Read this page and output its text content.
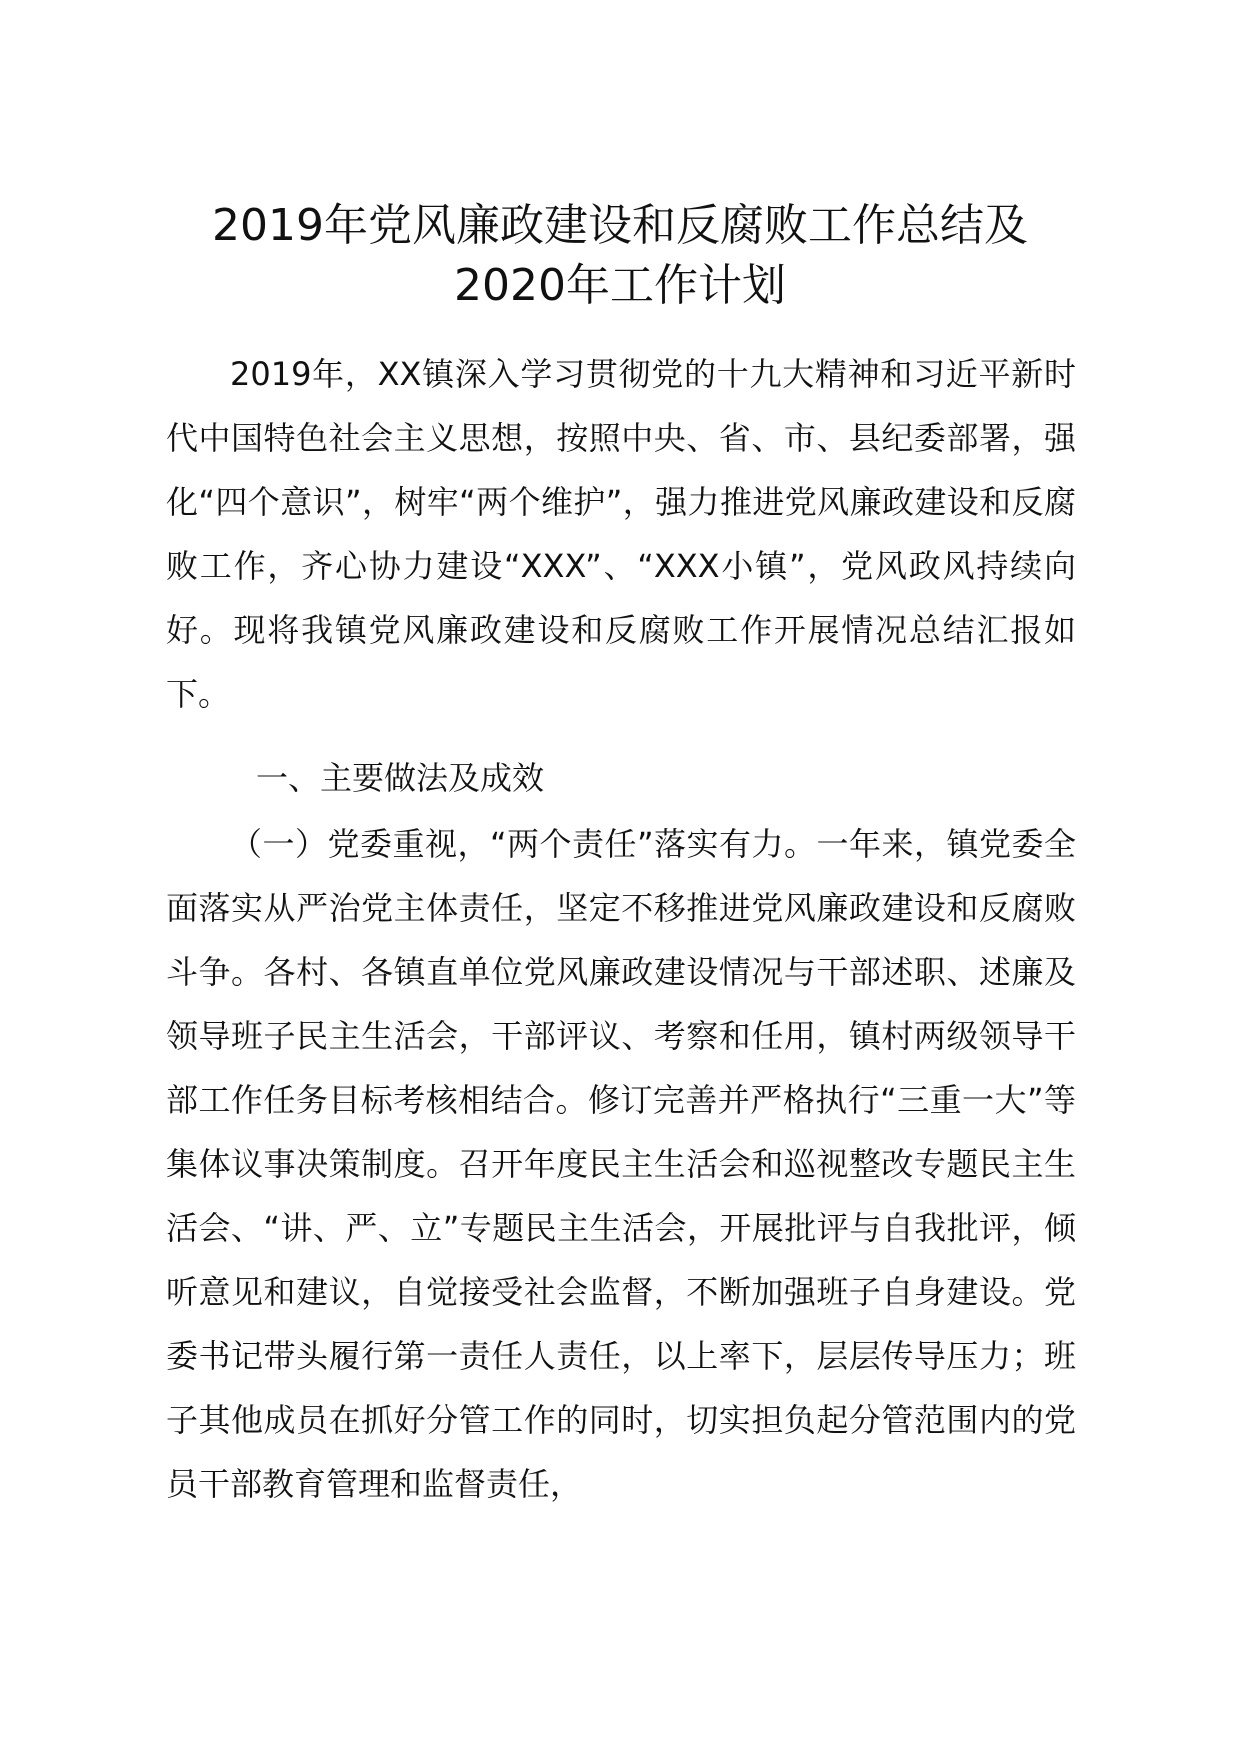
2019年党风廉政建设和反腐败工作总结及
2020年工作计划

2019年，XX镇深入学习贯彻党的十九大精神和习近平新时代中国特色社会主义思想，按照中央、省、市、县纪委部署，强化“四个意识”，树牢“两个维护”，强力推进党风廉政建设和反腐败工作，齐心协力建设“XXX”、“XXX小镇”，党风政风持续向好。现将我镇党风廉政建设和反腐败工作开展情况总结汇报如下。

一、主要做法及成效

（一）党委重视，“两个责任”落实有力。一年来，镇党委全面落实从严治党主体责任，坚定不移推进党风廉政建设和反腐败斗争。各村、各镇直单位党风廉政建设情况与干部述职、述廉及领导班子民主生活会，干部评议、考察和任用，镇村两级领导干部工作任务目标考核相结合。修订完善并严格执行“三重一大”等集体议事决策制度。召开年度民主生活会和巡视整改专题民主生活会、“讲、严、立”专题民主生活会，开展批评与自我批评，倾听意见和建议，自觉接受社会监督，不断加强班子自身建设。党委书记带头履行第一责任人责任，以上率下，层层传导压力；班子其他成员在抓好分管工作的同时，切实担负起分管范围内的党员干部教育管理和监督责任，
